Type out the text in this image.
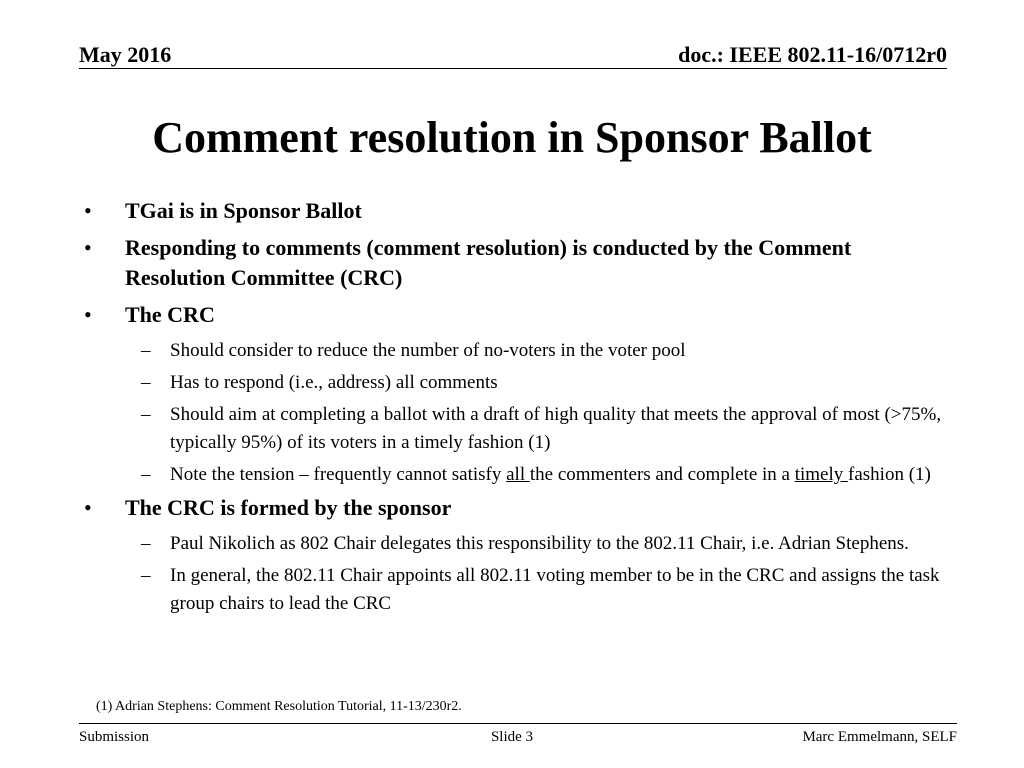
May 2016	doc.: IEEE 802.11-16/0712r0
Comment resolution in Sponsor Ballot
•	TGai is in Sponsor Ballot
•	Responding to comments (comment resolution) is conducted by the Comment Resolution Committee (CRC)
•	The CRC
–	Should consider to reduce the number of no-voters in the voter pool
–	Has to respond (i.e., address) all comments
–	Should aim at completing a ballot with a draft of high quality that meets the approval of most (>75%, typically 95%) of its voters in a timely fashion (1)
–	Note the tension – frequently cannot satisfy all the commenters and complete in a timely fashion (1)
•	The CRC is formed by the sponsor
–	Paul Nikolich as 802 Chair delegates this responsibility to the 802.11 Chair, i.e. Adrian Stephens.
–	In general, the 802.11 Chair appoints all 802.11 voting member to be in the CRC and assigns the task group chairs to lead the CRC
(1) Adrian Stephens: Comment Resolution Tutorial, 11-13/230r2.
Submission	Slide 3	Marc Emmelmann, SELF
